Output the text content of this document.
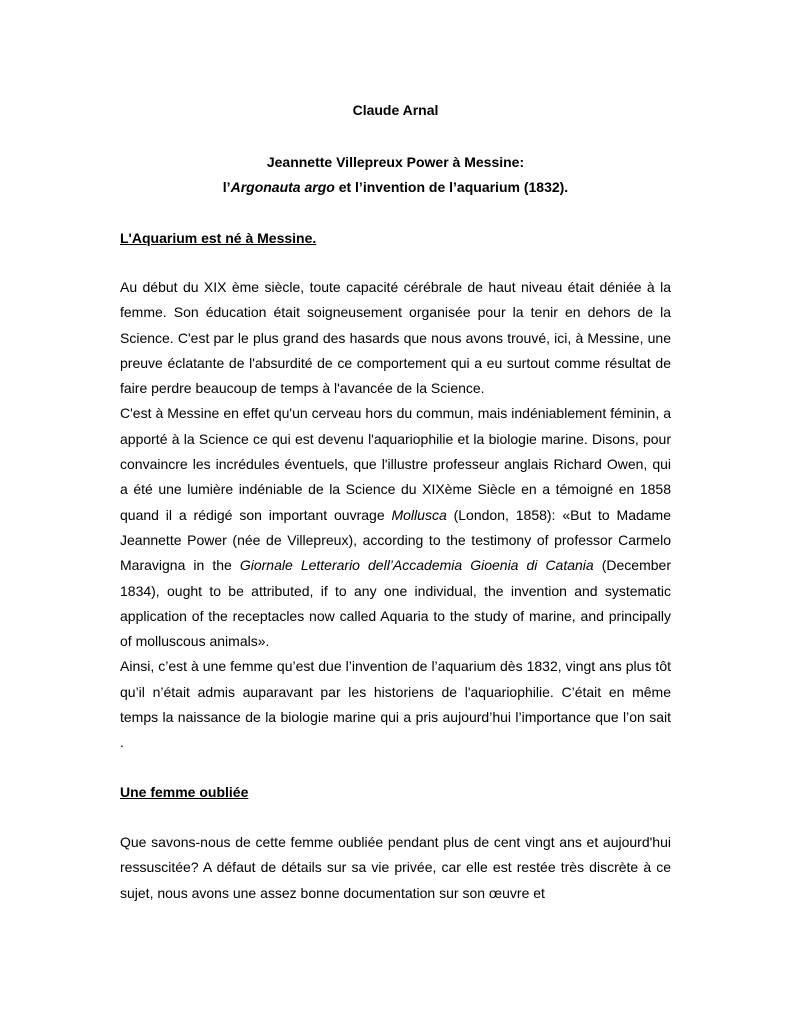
Claude Arnal
Jeannette Villepreux Power à Messine:
l’Argonauta argo et l’invention de l’aquarium (1832).
L'Aquarium est né à Messine.

Au début du XIX ème siècle, toute capacité cérébrale de haut niveau était déniée à la femme. Son éducation était soigneusement organisée pour la tenir en dehors de la Science. C'est par le plus grand des hasards que nous avons trouvé, ici, à Messine, une preuve éclatante de l'absurdité de ce comportement qui a eu surtout comme résultat de faire perdre beaucoup de temps à l'avancée de la Science.

C'est à Messine en effet qu'un cerveau hors du commun, mais indéniablement féminin, a apporté à la Science ce qui est devenu l'aquariophilie et la biologie marine. Disons, pour convaincre les incrédules éventuels, que l'illustre professeur anglais Richard Owen, qui a été une lumière indéniable de la Science du XIXème Siècle en a témoigné en 1858 quand il a rédigé son important ouvrage Mollusca (London, 1858): «But to Madame Jeannette Power (née de Villepreux), according to the testimony of professor Carmelo Maravigna in the Giornale Letterario dell’Accademia Gioenia di Catania (December 1834), ought to be attributed, if to any one individual, the invention and systematic application of the receptacles now called Aquaria to the study of marine, and principally of molluscous animals».

Ainsi, c’est à une femme qu’est due l’invention de l’aquarium dès 1832, vingt ans plus tôt qu’il n’était admis auparavant par les historiens de l'aquariophilie. C’était en même temps la naissance de la biologie marine qui a pris aujourd’hui l’importance que l’on sait .

Une femme oubliée

Que savons-nous de cette femme oubliée pendant plus de cent vingt ans et aujourd'hui ressuscitée? A défaut de détails sur sa vie privée, car elle est restée très discrète à ce sujet, nous avons une assez bonne documentation sur son œuvre et
